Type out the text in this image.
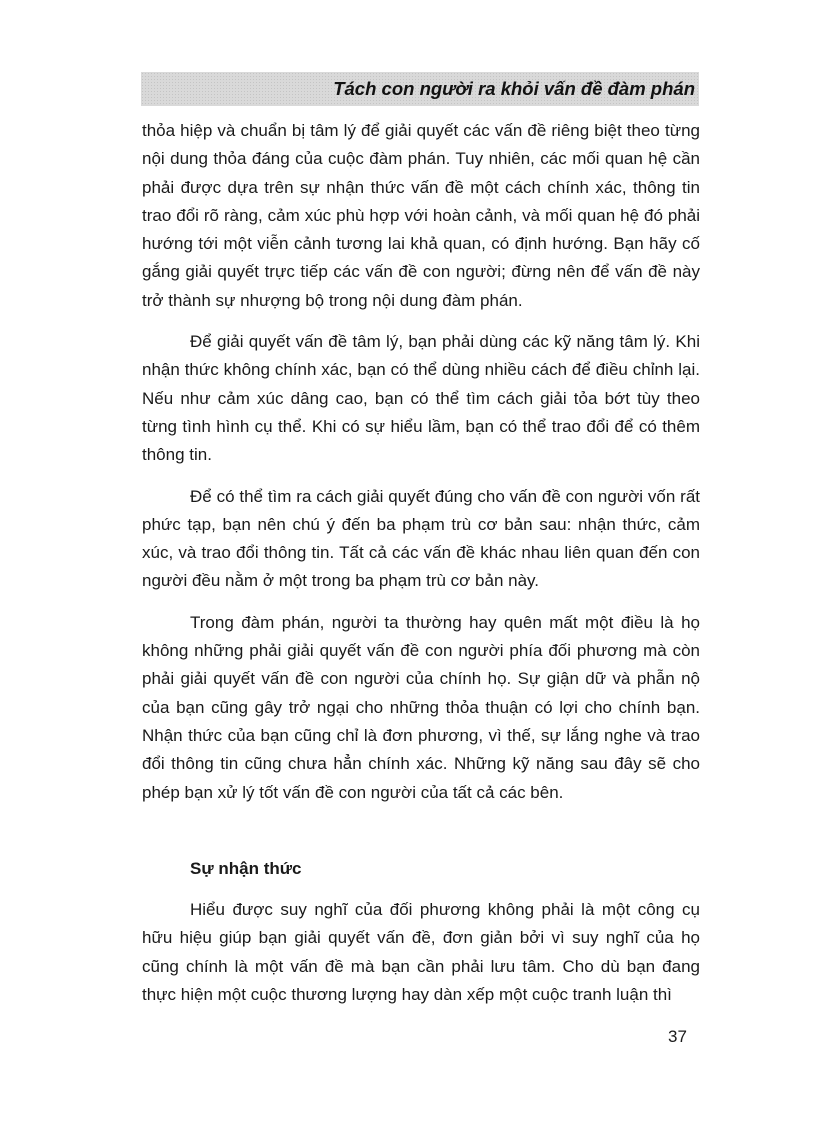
Tách con người ra khỏi vấn đề đàm phán

thỏa hiệp và chuẩn bị tâm lý để giải quyết các vấn đề riêng biệt theo từng nội dung thỏa đáng của cuộc đàm phán. Tuy nhiên, các mối quan hệ cần phải được dựa trên sự nhận thức vấn đề một cách chính xác, thông tin trao đổi rõ ràng, cảm xúc phù hợp với hoàn cảnh, và mối quan hệ đó phải hướng tới một viễn cảnh tương lai khả quan, có định hướng. Bạn hãy cố gắng giải quyết trực tiếp các vấn đề con người; đừng nên để vấn đề này trở thành sự nhượng bộ trong nội dung đàm phán.

Để giải quyết vấn đề tâm lý, bạn phải dùng các kỹ năng tâm lý. Khi nhận thức không chính xác, bạn có thể dùng nhiều cách để điều chỉnh lại. Nếu như cảm xúc dâng cao, bạn có thể tìm cách giải tỏa bớt tùy theo từng tình hình cụ thể. Khi có sự hiểu lầm, bạn có thể trao đổi để có thêm thông tin.

Để có thể tìm ra cách giải quyết đúng cho vấn đề con người vốn rất phức tạp, bạn nên chú ý đến ba phạm trù cơ bản sau: nhận thức, cảm xúc, và trao đổi thông tin. Tất cả các vấn đề khác nhau liên quan đến con người đều nằm ở một trong ba phạm trù cơ bản này.

Trong đàm phán, người ta thường hay quên mất một điều là họ không những phải giải quyết vấn đề con người phía đối phương mà còn phải giải quyết vấn đề con người của chính họ. Sự giận dữ và phẫn nộ của bạn cũng gây trở ngại cho những thỏa thuận có lợi cho chính bạn. Nhận thức của bạn cũng chỉ là đơn phương, vì thế, sự lắng nghe và trao đổi thông tin cũng chưa hẳn chính xác. Những kỹ năng sau đây sẽ cho phép bạn xử lý tốt vấn đề con người của tất cả các bên.

Sự nhận thức

Hiểu được suy nghĩ của đối phương không phải là một công cụ hữu hiệu giúp bạn giải quyết vấn đề, đơn giản bởi vì suy nghĩ của họ cũng chính là một vấn đề mà bạn cần phải lưu tâm. Cho dù bạn đang thực hiện một cuộc thương lượng hay dàn xếp một cuộc tranh luận thì

37
